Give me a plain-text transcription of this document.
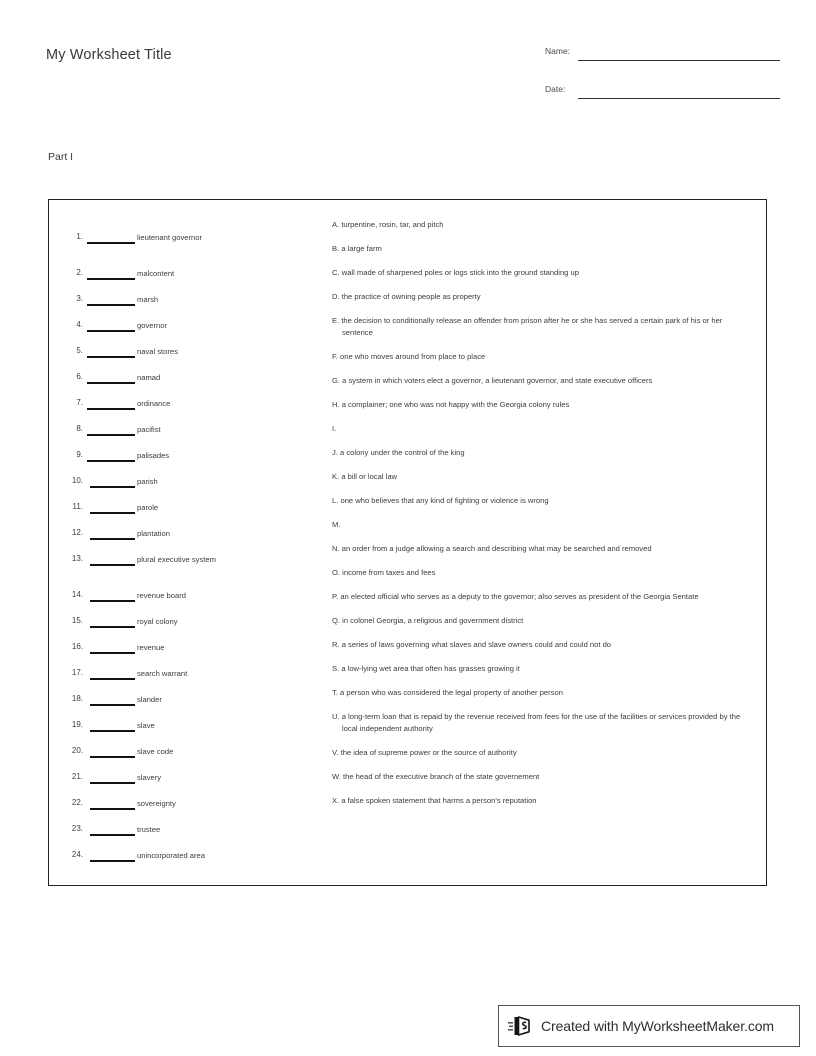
My Worksheet Title	Name:
Date:
Part I
1.	lieutenant governor
2.	malcontent
3.	marsh
4.	governor
5.	naval stores
6.	namad
7.	ordinance
8.	pacifist
9.	palisades
10.	parish
11.	parole
12.	plantation
13.	plural executive system
14.	revenue board
15.	royal colony
16.	revenue
17.	search warrant
18.	slander
19.	slave
20.	slave code
21.	slavery
22.	sovereignty
23.	trustee
24.	unincorporated area
A. turpentine, rosin, tar, and pitch
B. a large farm
C. wall made of sharpened poles or logs stick into the ground standing up
D. the practice of owning people as property
E. the decision to conditionally release an offender from prison after he or she has served a certain park of his or her sentence
F. one who moves around from place to place
G. a system in which voters elect a governor, a lieutenant governor, and state executive officers
H. a complainer; one who was not happy with the Georgia colony rules
I.
J. a colony under the control of the king
K. a bill or local law
L. one who believes that any kind of fighting or violence is wrong
M.
N. an order from a judge allowing a search and describing what may be searched and removed
O. income from taxes and fees
P. an elected official who serves as a deputy to the governor; also serves as president of the Georgia Sentate
Q. in colonel Georgia, a religious and government district
R. a series of laws governing what slaves and slave owners could and could not do
S. a low-lying wet area that often has grasses growing it
T. a person who was considered the legal property of another person
U. a long-term loan that is repaid by the revenue received from fees for the use of the facilities or services provided by the local independent authority
V. the idea of supreme power or the source of authority
W. the head of the executive branch of the state governement
X. a false spoken statement that harms a person's reputation
Created with MyWorksheetMaker.com
